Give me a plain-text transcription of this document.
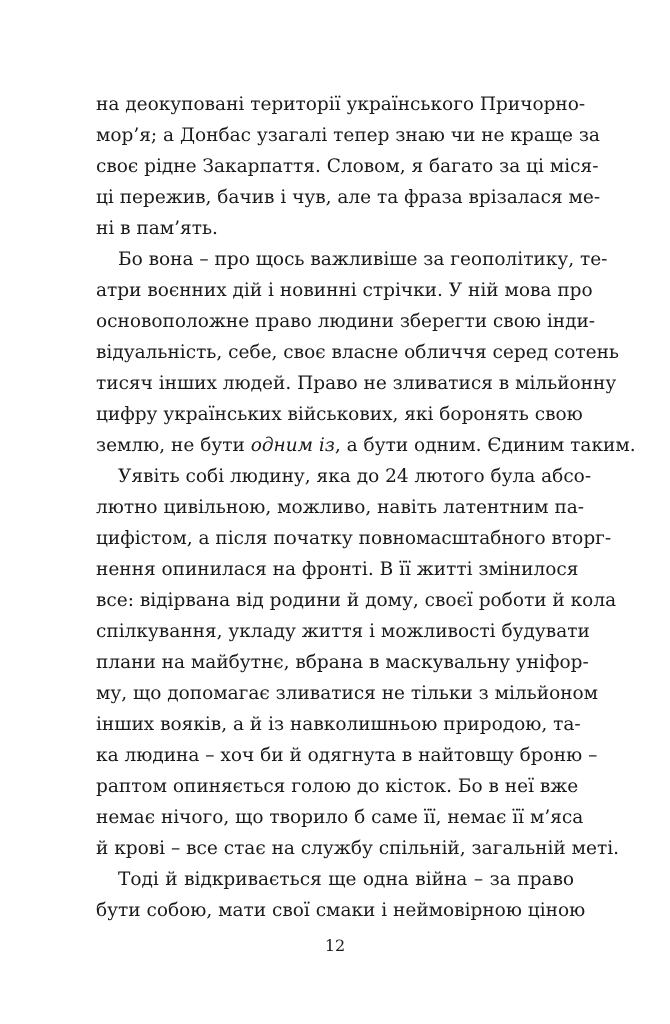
на деокуповані території українського Причорно-
мор’я; а Донбас узагалі тепер знаю чи не краще за
своє рідне Закарпаття. Словом, я багато за ці міся-
ці пережив, бачив і чув, але та фраза врізалася ме-
ні в пам’ять.
Бо вона – про щось важливіше за геополітику, те-
атри воєнних дій і новинні стрічки. У ній мова про
основоположне право людини зберегти свою інди-
відуальність, себе, своє власне обличчя серед сотень
тисяч інших людей. Право не зливатися в мільйонну
цифру українських військових, які боронять свою
землю, не бути одним із, а бути одним. Єдиним таким.
Уявіть собі людину, яка до 24 лютого була абсо-
лютно цивільною, можливо, навіть латентним па-
цифістом, а після початку повномасштабного вторг-
нення опинилася на фронті. В її житті змінилося
все: відірвана від родини й дому, своєї роботи й кола
спілкування, укладу життя і можливості будувати
плани на майбутнє, вбрана в маскувальну уніфор-
му, що допомагає зливатися не тільки з мільйоном
інших вояків, а й із навколишньою природою, та-
ка людина – хоч би й одягнута в найтовщу броню –
раптом опиняється голою до кісток. Бо в неї вже
немає нічого, що творило б саме її, немає її м’яса
й крові – все стає на службу спільній, загальній меті.
Тоді й відкривається ще одна війна – за право
бути собою, мати свої смаки і неймовірною ціною
12
